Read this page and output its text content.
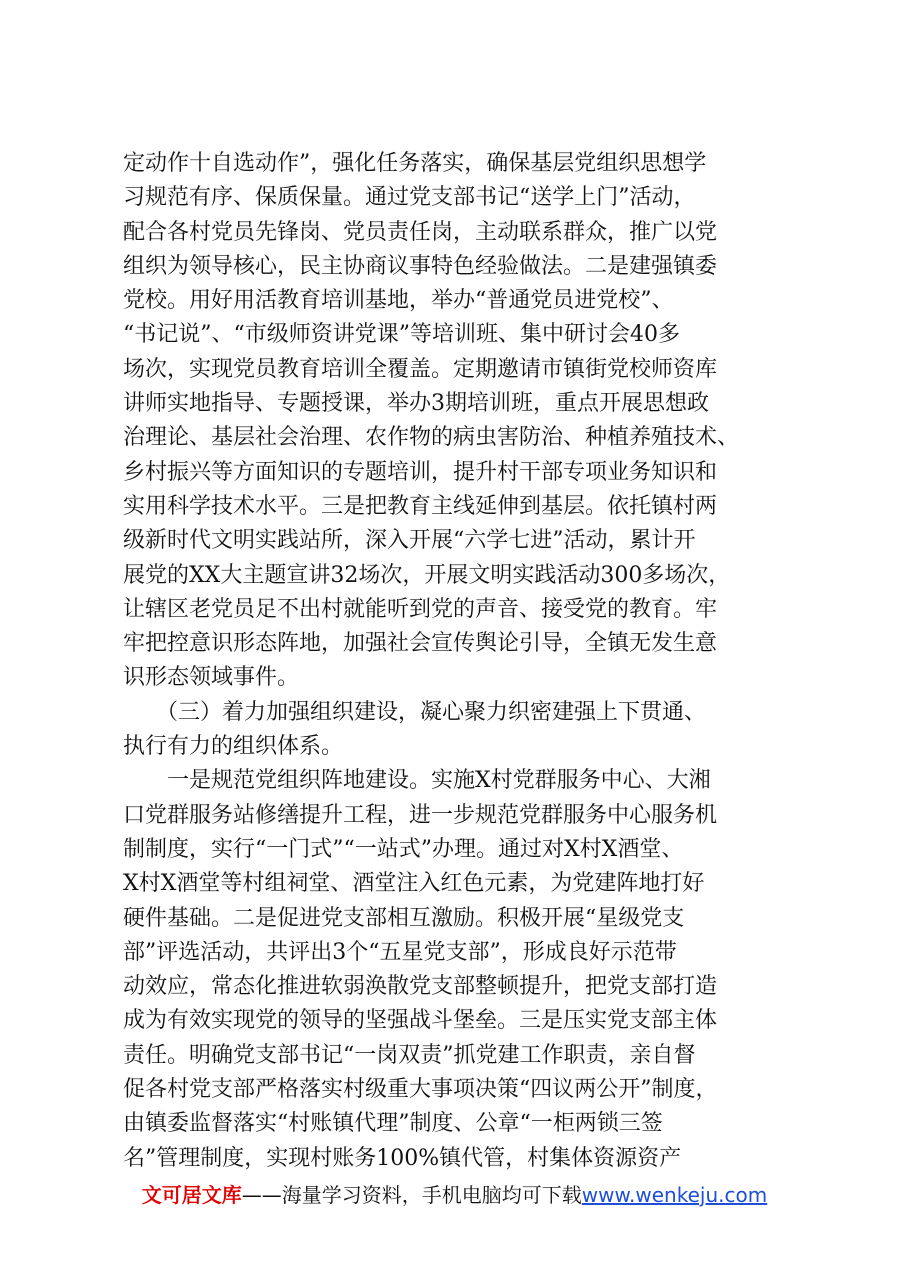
定动作十自选动作”，强化任务落实，确保基层党组织思想学
习规范有序、保质保量。通过党支部书记“送学上门”活动，
配合各村党员先锋岗、党员责任岗，主动联系群众，推广以党
组织为领导核心，民主协商议事特色经验做法。二是建强镇委
党校。用好用活教育培训基地，举办“普通党员进党校”、
“书记说”、“市级师资讲党课”等培训班、集中研讨会40多
场次，实现党员教育培训全覆盖。定期邀请市镇街党校师资库
讲师实地指导、专题授课，举办3期培训班，重点开展思想政
治理论、基层社会治理、农作物的病虫害防治、种植养殖技术、
乡村振兴等方面知识的专题培训，提升村干部专项业务知识和
实用科学技术水平。三是把教育主线延伸到基层。依托镇村两
级新时代文明实践站所，深入开展“六学七进”活动，累计开
展党的XX大主题宣讲32场次，开展文明实践活动300多场次，
让辖区老党员足不出村就能听到党的声音、接受党的教育。牢
牢把控意识形态阵地，加强社会宣传舆论引导，全镇无发生意
识形态领域事件。
　　（三）着力加强组织建设，凝心聚力织密建强上下贯通、
执行有力的组织体系。
　　一是规范党组织阵地建设。实施X村党群服务中心、大湘
口党群服务站修缮提升工程，进一步规范党群服务中心服务机
制制度，实行“一门式”“一站式”办理。通过对X村X酒堂、
X村X酒堂等村组祠堂、酒堂注入红色元素，为党建阵地打好
硬件基础。二是促进党支部相互激励。积极开展“星级党支
部”评选活动，共评出3个“五星党支部”，形成良好示范带
动效应，常态化推进软弱涣散党支部整顿提升，把党支部打造
成为有效实现党的领导的坚强战斗堡垒。三是压实党支部主体
责任。明确党支部书记“一岗双责”抓党建工作职责，亲自督
促各村党支部严格落实村级重大事项决策“四议两公开”制度，
由镇委监督落实“村账镇代理”制度、公章“一柜两锁三签
名”管理制度，实现村账务100%镇代管，村集体资源资产
文可居文库——海量学习资料，手机电脑均可下载www.wenkeju.com
